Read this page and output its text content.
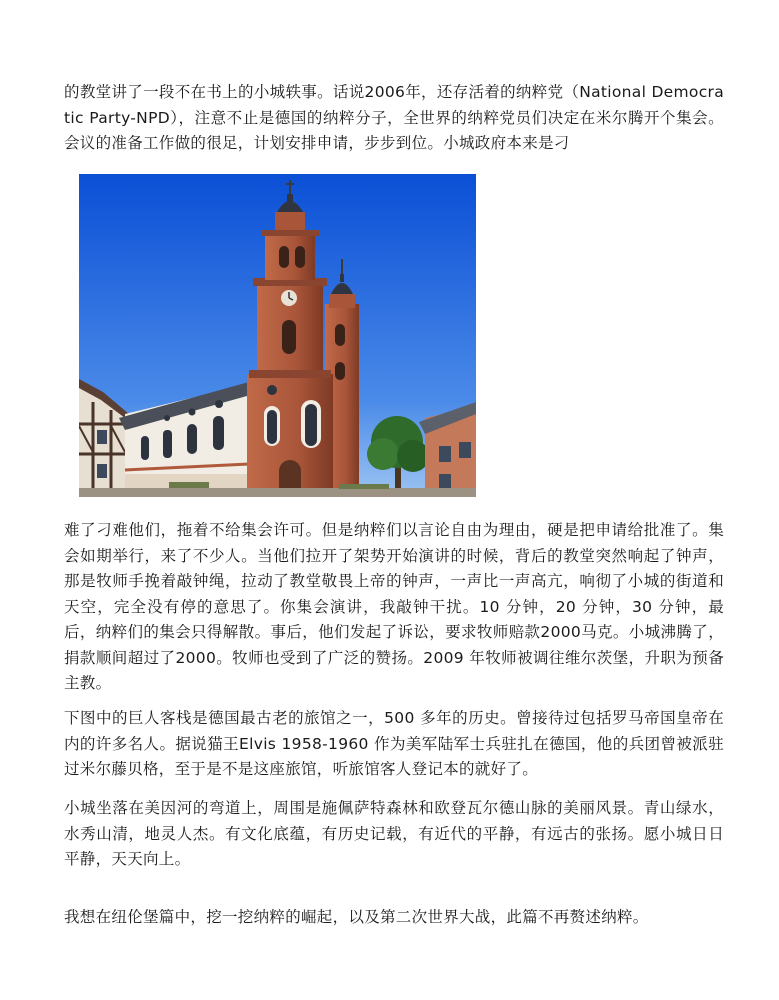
的教堂讲了一段不在书上的小城轶事。话说2006年，还存活着的纳粹党（National Democratic Party-NPD），注意不止是德国的纳粹分子，全世界的纳粹党员们决定在米尔腾开个集会。会议的准备工作做的很足，计划安排申请，步步到位。小城政府本来是刁

难了刁难他们，拖着不给集会许可。但是纳粹们以言论自由为理由，硬是把申请给批准了。集会如期举行，来了不少人。当他们拉开了架势开始演讲的时候，背后的教堂突然响起了钟声，那是牧师手挽着敲钟绳，拉动了教堂敬畏上帝的钟声，一声比一声高亢，响彻了小城的街道和天空，完全没有停的意思了。你集会演讲，我敲钟干扰。10 分钟，20 分钟，30 分钟，最后，纳粹们的集会只得解散。事后，他们发起了诉讼，要求牧师赔款2000马克。小城沸腾了，捐款顺间超过了2000。牧师也受到了广泛的赞扬。2009 年牧师被调往维尔茨堡，升职为预备主教。

下图中的巨人客栈是德国最古老的旅馆之一，500 多年的历史。曾接待过包括罗马帝国皇帝在内的许多名人。据说猫王Elvis 1958-1960 作为美军陆军士兵驻扎在德国，他的兵团曾被派驻过米尔藤贝格，至于是不是这座旅馆，听旅馆客人登记本的就好了。

小城坐落在美因河的弯道上，周围是施佩萨特森林和欧登瓦尔德山脉的美丽风景。青山绿水，水秀山清，地灵人杰。有文化底蕴，有历史记载，有近代的平静，有远古的张扬。愿小城日日平静，天天向上。

我想在纽伦堡篇中，挖一挖纳粹的崛起，以及第二次世界大战，此篇不再赘述纳粹。
